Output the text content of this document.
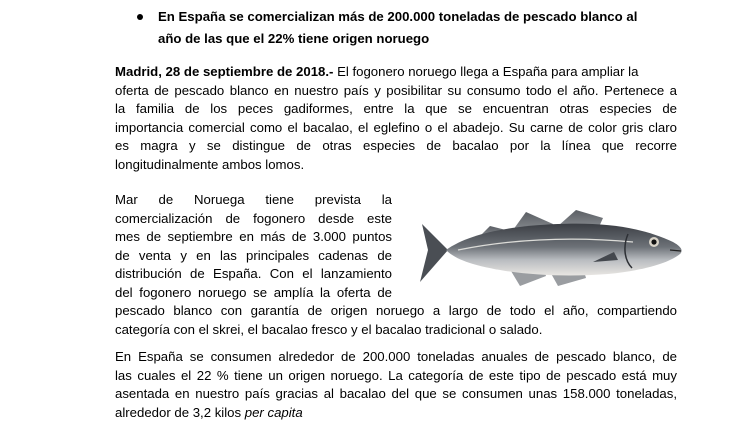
En España se comercializan más de 200.000 toneladas de pescado blanco al
año de las que el 22% tiene origen noruego
Madrid, 28 de septiembre de 2018.- El fogonero noruego llega a España para ampliar la
oferta de pescado blanco en nuestro país y posibilitar su consumo todo el año. Pertenece a
la familia de los peces gadiformes, entre la que se encuentran otras especies de
importancia comercial como el bacalao, el eglefino o el abadejo. Su carne de color gris claro
es magra y se distingue de otras especies de bacalao por la línea que recorre
longitudinalmente ambos lomos.
Mar de Noruega tiene prevista la
comercialización de fogonero desde este
mes de septiembre en más de 3.000 puntos
de venta y en las principales cadenas de
distribución de España. Con el lanzamiento
del fogonero noruego se amplía la oferta de
pescado blanco con garantía de origen noruego a largo de todo el año, compartiendo
categoría con el skrei, el bacalao fresco y el bacalao tradicional o salado.
En España se consumen alrededor de 200.000 toneladas anuales de pescado blanco, de
las cuales el 22 % tiene un origen noruego. La categoría de este tipo de pescado está muy
asentada en nuestro país gracias al bacalao del que se consumen unas 158.000 toneladas,
alrededor de 3,2 kilos per capita
